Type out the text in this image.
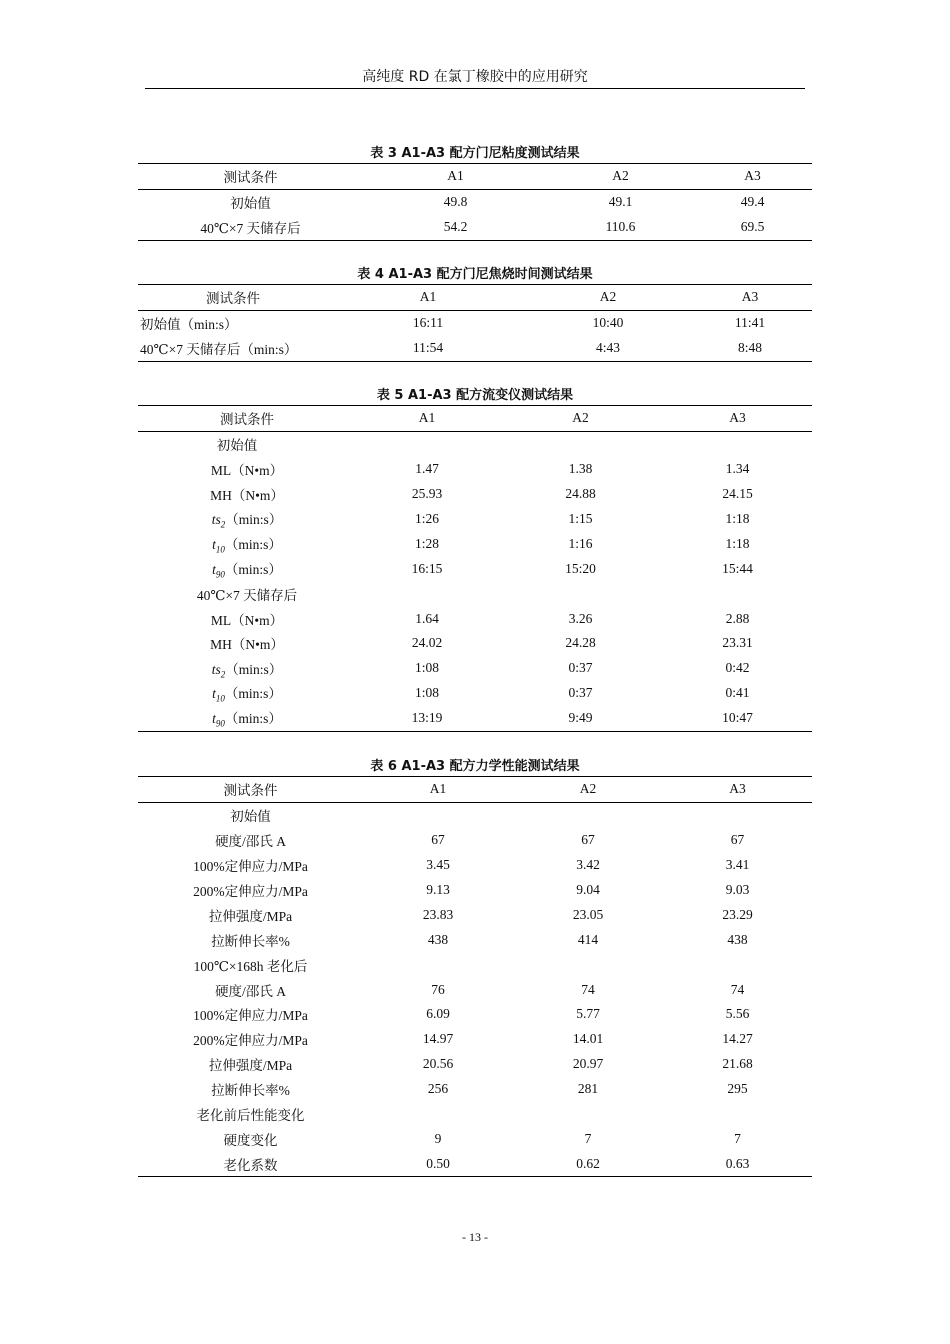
高纯度 RD 在氯丁橡胶中的应用研究
表 3 A1-A3 配方门尼粘度测试结果
测试条件	A1	A2	A3
初始值	49.8	49.1	49.4
40℃×7 天储存后	54.2	110.6	69.5
表 4 A1-A3 配方门尼焦烧时间测试结果
测试条件	A1	A2	A3
初始值（min:s）	16:11	10:40	11:41
40℃×7 天储存后（min:s）	11:54	4:43	8:48
表 5 A1-A3 配方流变仪测试结果
测试条件	A1	A2	A3
初始值			
ML（N•m）	1.47	1.38	1.34
MH（N•m）	25.93	24.88	24.15
$ts_2(\min:s)$	1:26	1:15	1:18
$t_{10}(\min:s)$	1:28	1:16	1:18
$t_{90}(\min:s)$	16:15	15:20	15:44
40℃×7 天储存后			
ML（N•m）	1.64	3.26	2.88
MH（N•m）	24.02	24.28	23.31
$ts_2(\min:s)$	1:08	0:37	0:42
$t_{10}(\min:s)$	1:08	0:37	0:41
$t_{90}(\min:s)$	13:19	9:49	10:47
表 6 A1-A3 配方力学性能测试结果
测试条件	A1	A2	A3
初始值			
硬度/邵氏 A	67	67	67
100%定伸应力/MPa	3.45	3.42	3.41
200%定伸应力/MPa	9.13	9.04	9.03
拉伸强度/MPa	23.83	23.05	23.29
拉断伸长率%	438	414	438
100℃×168h 老化后			
硬度/邵氏 A	76	74	74
100%定伸应力/MPa	6.09	5.77	5.56
200%定伸应力/MPa	14.97	14.01	14.27
拉伸强度/MPa	20.56	20.97	21.68
拉断伸长率%	256	281	295
老化前后性能变化			
硬度变化	9	7	7
老化系数	0.50	0.62	0.63
- 13 -
